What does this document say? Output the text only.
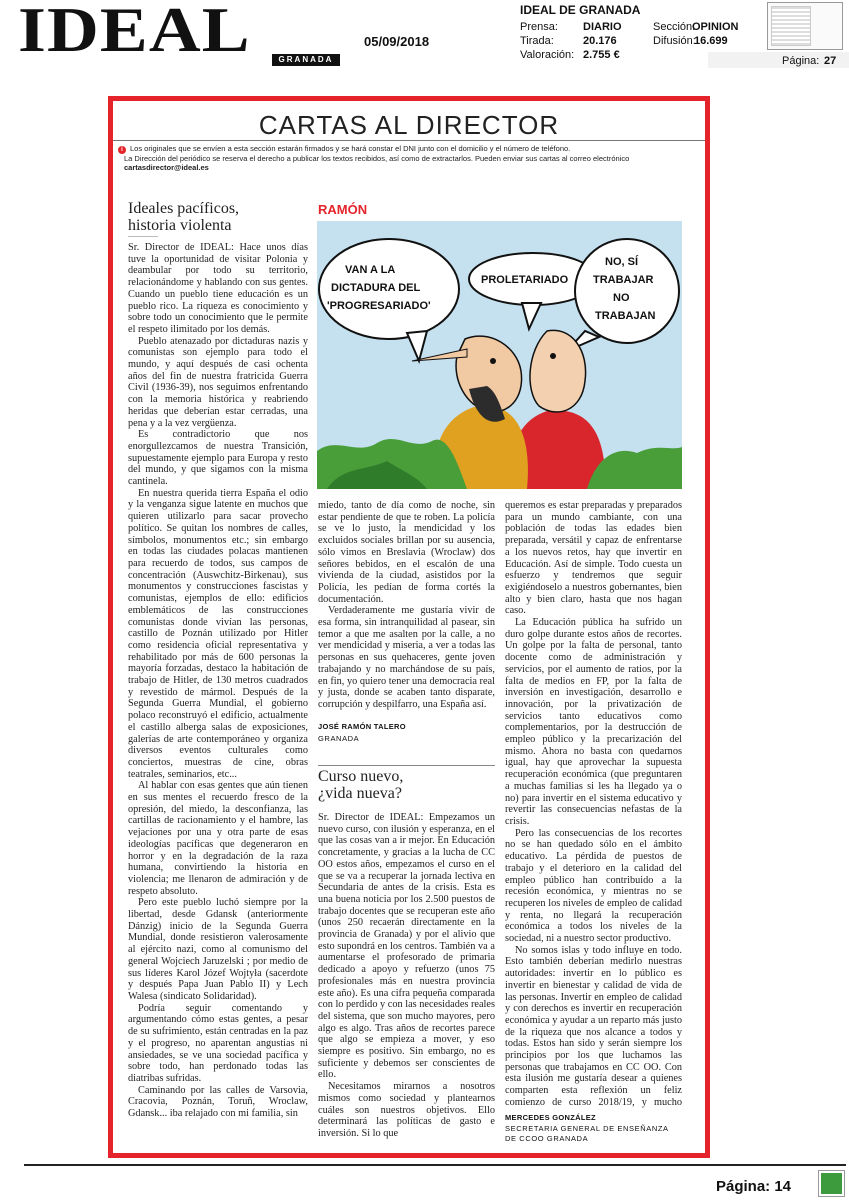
IDEAL	GRANADA
05/09/2018
IDEAL DE GRANADA
Prensa: DIARIO
Tirada:	20.176
Valoración: 2.755 €
Sección:
OPINION
Difusión:
16.699
Página: 27
CARTAS AL DIRECTOR
i Los originales que se envíen a esta sección estarán firmados y se hará constar el DNI junto con el domicilio y el número de teléfono.
La Dirección del periódico se reserva el derecho a publicar los textos recibidos, así como de extractarlos. Pueden enviar sus cartas al correo electrónico cartasdirector@ideal.es
Ideales pacíficos,
historia violenta

Sr. Director de IDEAL: Hace unos días tuve la oportunidad de visitar Polonia y deambular por todo su territorio, relacionándome y hablando con sus gentes. Cuando un pueblo tiene educación es un pueblo rico. La riqueza es conocimiento y sobre todo un conocimiento que le permite el respeto ilimitado por los demás.

Pueblo atenazado por dictaduras nazis y comunistas son ejemplo para todo el mundo, y aquí después de casi ochenta años del fin de nuestra fratricida Guerra Civil (1936-39), nos seguimos enfrentando con la memoria histórica y reabriendo heridas que deberían estar cerradas, una pena y a la vez vergüenza.

Es contradictorio que nos enorgullezcamos de nuestra Transición, supuestamente ejemplo para Europa y resto del mundo, y que sigamos con la misma cantinela.

En nuestra querida tierra España el odio y la venganza sigue latente en muchos que quieren utilizarlo para sacar provecho político. Se quitan los nombres de calles, símbolos, monumentos etc.; sin embargo en todas las ciudades polacas mantienen para recuerdo de todos, sus campos de concentración (Auswchitz-Birkenau), sus monumentos y construcciones fascistas y comunistas, ejemplos de ello: edificios emblemáticos de las construcciones comunistas donde vivían las personas, castillo de Poznán utilizado por Hitler como residencia oficial representativa y rehabilitado por más de 600 personas la mayoría forzadas, destaco la habitación de trabajo de Hitler, de 130 metros cuadrados y revestido de mármol. Después de la Segunda Guerra Mundial, el gobierno polaco reconstruyó el edificio, actualmente el castillo alberga salas de exposiciones, galerías de arte contemporáneo y organiza diversos eventos culturales como conciertos, muestras de cine, obras teatrales, seminarios, etc...

Al hablar con esas gentes que aún tienen en sus mentes el recuerdo fresco de la opresión, del miedo, la desconfianza, las cartillas de racionamiento y el hambre, las vejaciones por una y otra parte de esas ideologías pacíficas que degeneraron en horror y en la degradación de la raza humana, convirtiendo la historia en violencia; me llenaron de admiración y de respeto absoluto.

Pero este pueblo luchó siempre por la libertad, desde Gdansk (anteriormente Dánzig) inicio de la Segunda Guerra Mundial, donde resistieron valerosamente al ejército nazi, como al comunismo del general Wojciech Jaruzelski ; por medio de sus líderes Karol Józef Wojtyła (sacerdote y después Papa Juan Pablo II) y Lech Walesa (sindicato Solidaridad).

Podría seguir comentando y argumentando cómo estas gentes, a pesar de su sufrimiento, están centradas en la paz y el progreso, no aparentan angustias ni ansiedades, se ve una sociedad pacífica y sobre todo, han perdonado todas las diatribas sufridas.

Caminando por las calles de Varsovia, Cracovia, Poznán, Toruñ, Wroclaw, Gdansk... iba relajado con mi familia, sin

RAMÓN
VAN A LA
DICTADURA DEL
'PROGRESARIADO'
PROLETARIADO
NO, SÍ
TRABAJAR
NO
TRABAJAN

miedo, tanto de día como de noche, sin estar pendiente de que te roben. La policía se ve lo justo, la mendicidad y los excluidos sociales brillan por su ausencia, sólo vimos en Breslavia (Wroclaw) dos señores bebidos, en el escalón de una vivienda de la ciudad, asistidos por la Policía, les pedían de forma cortés la documentación.

Verdaderamente me gustaría vivir de esa forma, sin intranquilidad al pasear, sin temor a que me asalten por la calle, a no ver mendicidad y miseria, a ver a todas las personas en sus quehaceres, gente joven trabajando y no marchándose de su país, en fin, yo quiero tener una democracia real y justa, donde se acaben tanto disparate, corrupción y despilfarro, una España así.

JOSÉ RAMÓN TALERO
GRANADA
Curso nuevo,
¿vida nueva?

Sr. Director de IDEAL: Empezamos un nuevo curso, con ilusión y esperanza, en el que las cosas van a ir mejor. En Educación concretamente, y gracias a la lucha de CC OO estos años, empezamos el curso en el que se va a recuperar la jornada lectiva en Secundaria de antes de la crisis. Esta es una buena noticia por los 2.500 puestos de trabajo docentes que se recuperan este año (unos 250 recaerán directamente en la provincia de Granada) y por el alivio que esto supondrá en los centros. También va a aumentarse el profesorado de primaria dedicado a apoyo y refuerzo (unos 75 profesionales más en nuestra provincia este año). Es una cifra pequeña comparada con lo perdido y con las necesidades reales del sistema, que son mucho mayores, pero algo es algo. Tras años de recortes parece que algo se empieza a mover, y eso siempre es positivo. Sin embargo, no es suficiente y debemos ser conscientes de ello.

Necesitamos mirarnos a nosotros mismos como sociedad y plantearnos cuáles son nuestros objetivos. Ello determinará las políticas de gasto e inversión. Si lo que

queremos es estar preparadas y preparados para un mundo cambiante, con una población de todas las edades bien preparada, versátil y capaz de enfrentarse a los nuevos retos, hay que invertir en Educación. Así de simple. Todo cuesta un esfuerzo y tendremos que seguir exigiéndoselo a nuestros gobernantes, bien alto y bien claro, hasta que nos hagan caso.

La Educación pública ha sufrido un duro golpe durante estos años de recortes. Un golpe por la falta de personal, tanto docente como de administración y servicios, por el aumento de ratios, por la falta de medios en FP, por la falta de inversión en investigación, desarrollo e innovación, por la privatización de servicios tanto educativos como complementarios, por la destrucción de empleo público y la precarización del mismo. Ahora no basta con quedarnos igual, hay que aprovechar la supuesta recuperación económica (que preguntaren a muchas familias si les ha llegado ya o no) para invertir en el sistema educativo y revertir las consecuencias nefastas de la crisis.

Pero las consecuencias de los recortes no se han quedado sólo en el ámbito educativo. La pérdida de puestos de trabajo y el deterioro en la calidad del empleo público han contribuido a la recesión económica, y mientras no se recuperen los niveles de empleo de calidad y renta, no llegará la recuperación económica a todos los niveles de la sociedad, ni a nuestro sector productivo.

No somos islas y todo influye en todo. Esto también deberían medirlo nuestras autoridades: invertir en lo público es invertir en bienestar y calidad de vida de las personas. Invertir en empleo de calidad y con derechos es invertir en recuperación económica y ayudar a un reparto más justo de la riqueza que nos alcance a todos y todas. Estos han sido y serán siempre los principios por los que luchamos las personas que trabajamos en CC OO. Con esta ilusión me gustaría desear a quienes comparten esta reflexión un feliz comienzo de curso 2018/19, y mucho

MERCEDES GONZÁLEZ
SECRETARIA GENERAL DE ENSEÑANZA
DE CCOO GRANADA
Página: 14
